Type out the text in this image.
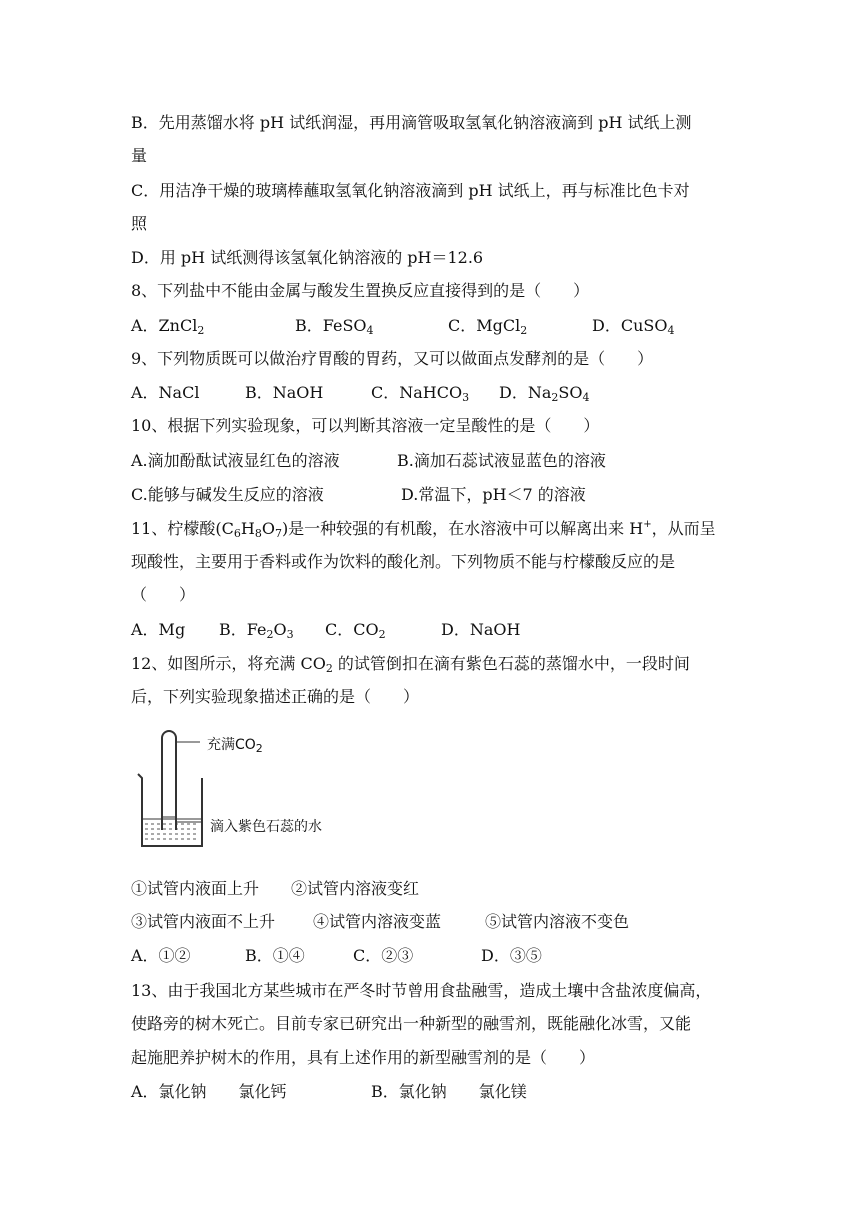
B．先用蒸馏水将 pH 试纸润湿，再用滴管吸取氢氧化钠溶液滴到 pH 试纸上测
量
C．用洁净干燥的玻璃棒蘸取氢氧化钠溶液滴到 pH 试纸上，再与标准比色卡对
照
D．用 pH 试纸测得该氢氧化钠溶液的 pH＝12.6
8、下列盐中不能由金属与酸发生置换反应直接得到的是（　　）
A．ZnCl$_2$	B．FeSO$_4$	C．MgCl$_2$	D．CuSO$_4$
9、下列物质既可以做治疗胃酸的胃药，又可以做面点发酵剂的是（　　）
A．NaCl	B．NaOH	C．NaHCO$_3$ D．$Na_2SO_4$
10、根据下列实验现象，可以判断其溶液一定呈酸性的是（　　）
A.滴加酚酞试液显红色的溶液	B.滴加石蕊试液显蓝色的溶液
C.能够与碱发生反应的溶液	D.常温下，pH＜7 的溶液
11、柠檬酸$(C_6H_8O_7)$是一种较强的有机酸，在水溶液中可以解离出来 H+，从而呈
现酸性，主要用于香料或作为饮料的酸化剂。下列物质不能与柠檬酸反应的是
（　　）
A．Mg B．$Fe_2O_3$ C．$CO_2$	D．NaOH
12、如图所示，将充满 $CO_2$ 的试管倒扣在滴有紫色石蕊的蒸馏水中，一段时间
后，下列实验现象描述正确的是（　　）
充满$CO_2$
滴入紫色石蕊的水
①试管内液面上升 ②试管内溶液变红
③试管内液面不上升 ④试管内溶液变蓝	⑤试管内溶液不变色
A．①②	B．①④	C．②③	D．③⑤
13、由于我国北方某些城市在严冬时节曾用食盐融雪，造成土壤中含盐浓度偏高，
使路旁的树木死亡。目前专家已研究出一种新型的融雪剂，既能融化冰雪，又能
起施肥养护树木的作用，具有上述作用的新型融雪剂的是（　　）
A．氯化钠　　氯化钙	B．氯化钠　　氯化镁
